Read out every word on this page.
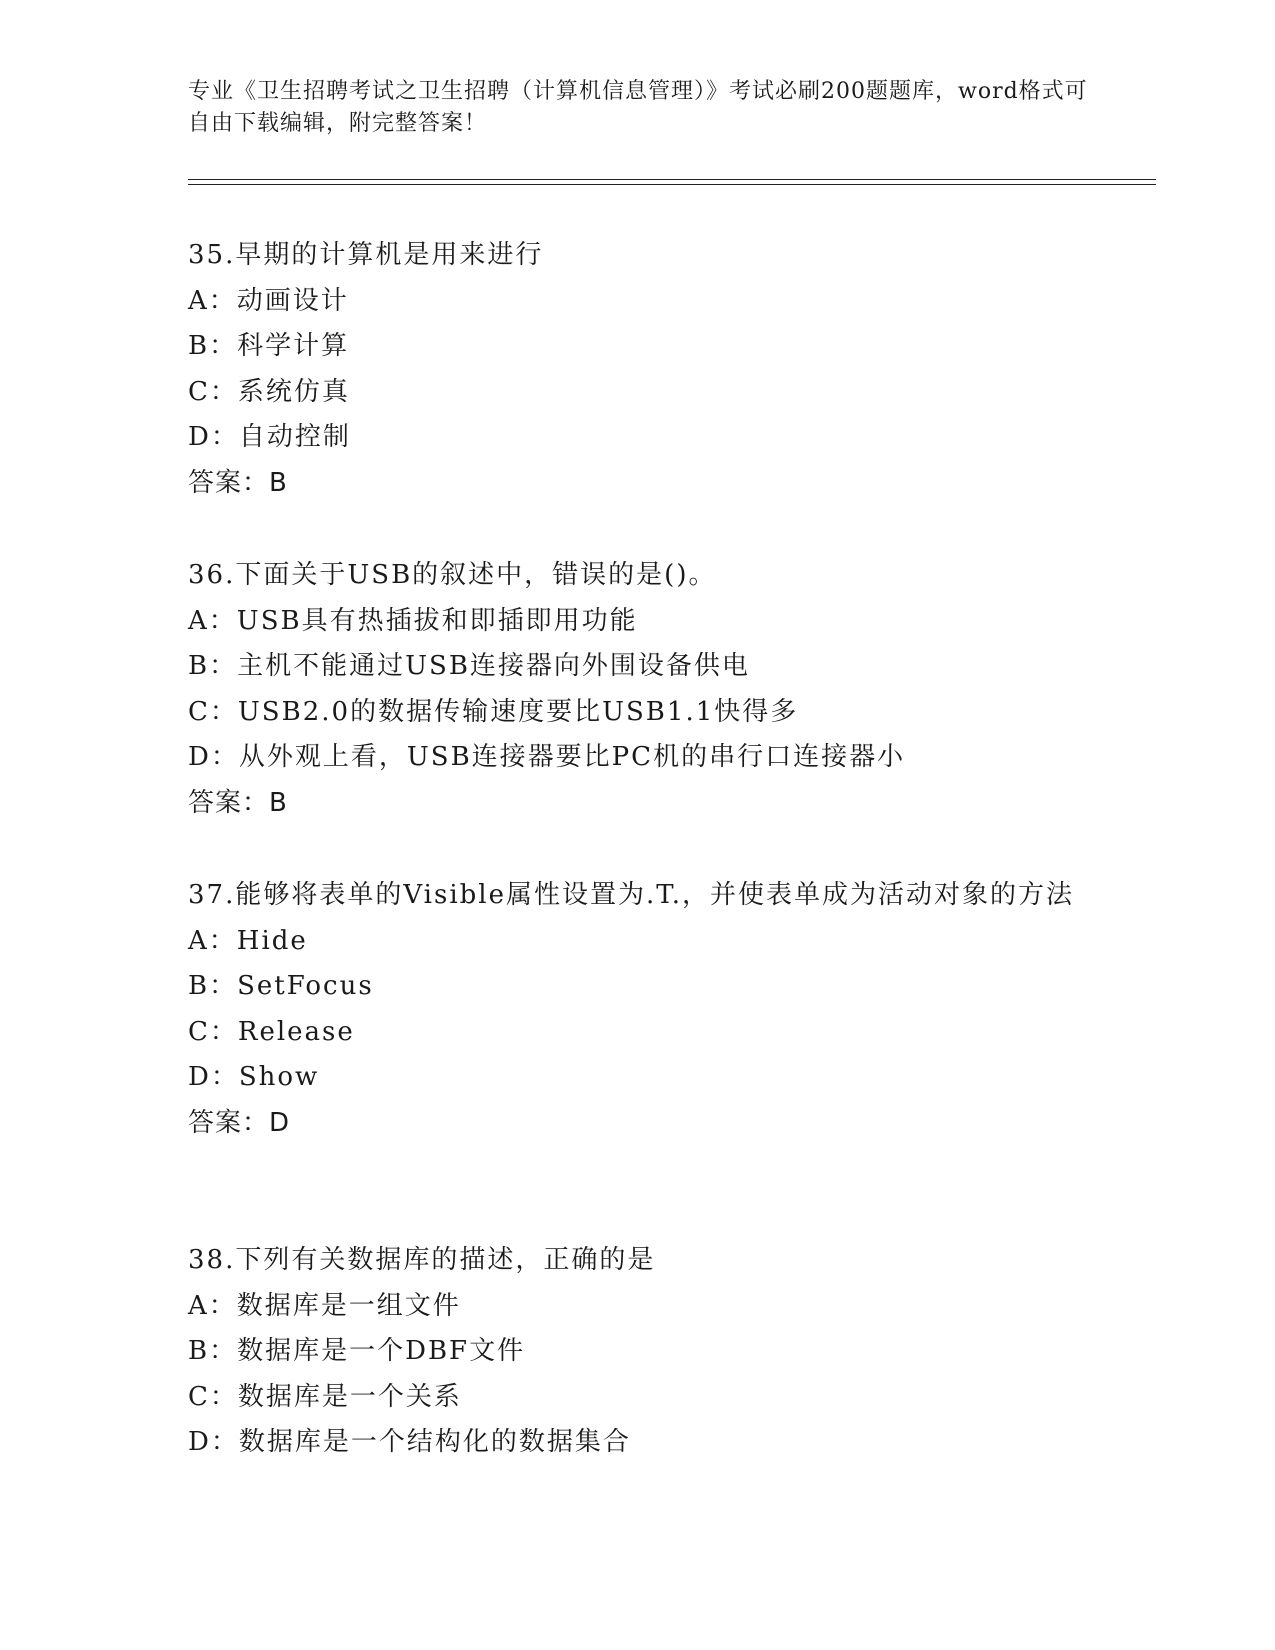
专业《卫生招聘考试之卫生招聘（计算机信息管理）》考试必刷200题题库，word格式可自由下载编辑，附完整答案！
35.早期的计算机是用来进行
A：动画设计
B：科学计算
C：系统仿真
D：自动控制
答案：B
36.下面关于USB的叙述中，错误的是()。
A：USB具有热插拔和即插即用功能
B：主机不能通过USB连接器向外围设备供电
C：USB2.0的数据传输速度要比USB1.1快得多
D：从外观上看，USB连接器要比PC机的串行口连接器小
答案：B
37.能够将表单的Visible属性设置为.T.，并使表单成为活动对象的方法
A：Hide
B：SetFocus
C：Release
D：Show
答案：D
38.下列有关数据库的描述，正确的是
A：数据库是一组文件
B：数据库是一个DBF文件
C：数据库是一个关系
D：数据库是一个结构化的数据集合
